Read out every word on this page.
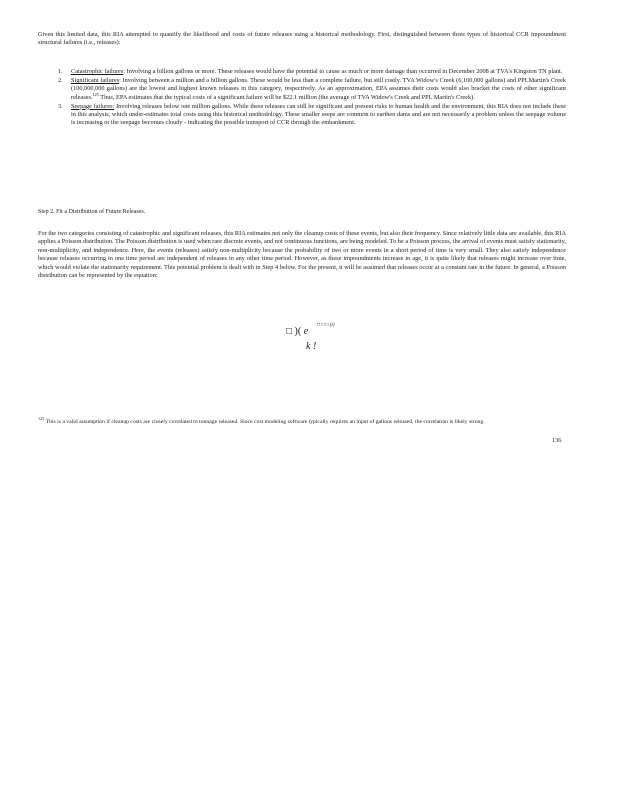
Given this limited data, this RIA attempted to quantify the likelihood and costs of future releases using a historical methodology. First, distinguished between three types of historical CCR impoundment structural failures (i.e., releases):

1. Catastrophic failures: Involving a billion gallons or more. These releases would have the potential to cause as much or more damage than occurred in December 2008 at TVA's Kingston TN plant.
2. Significant failures: Involving between a million and a billion gallons. These would be less than a complete failure, but still costly. TVA Widow's Creek (6,100,000 gallons) and PPLMartin's Creek (100,000,000 gallons) are the lowest and highest known releases in this category, respectively. As an approximation, EPA assumes their costs would also bracket the costs of other significant releases.$^{125}$ Thus, EPA estimates that the typical costs of a significant failure will be $22.1 million (the average of TVA Widow's Creek and PPL Martin's Creek).
3. Seepage failures: Involving releases below one million gallons. While these releases can still be significant and present risks to human health and the environment, this RIA does not include these in this analysis, which under-estimates total costs using this historical methodology. These smaller seeps are common to earthen dams and are not necessarily a problem unless the seepage volume is increasing or the seepage becomes cloudy - indicating the possible transport of CCR through the embankment.

Step 2. Fit a Distribution of Future Releases.

For the two categories consisting of catastrophic and significant releases, this RIA estimates not only the cleanup costs of these events, but also their frequency. Since relatively little data are available, this RIA applies a Poisson distribution. The Poisson distribution is used when rare discrete events, and not continuous functions, are being modeled. To be a Poisson process, the arrival of events must satisfy stationarity, non-multiplicity, and independence. Here, the events (releases) satisfy non-multiplicity because the probability of two or more events in a short period of time is very small. They also satisfy independence because releases occurring in one time period are independent of releases in any other time period. However, as these impoundments increase in age, it is quite likely that releases might increase over time, which would violate the stationarity requirement. This potential problem is dealt with in Step 4 below. For the present, it will be assumed that releases occur at a constant rate in the future. In general, a Poisson distribution can be represented by the equation:

□ )( e
□ □ □ (t)
k !

$^{125}$ This is a valid assumption if cleanup costs are closely correlated to tonnage released. Since cost modeling software typically requires an input of gallons released, the correlation is likely strong.

136
